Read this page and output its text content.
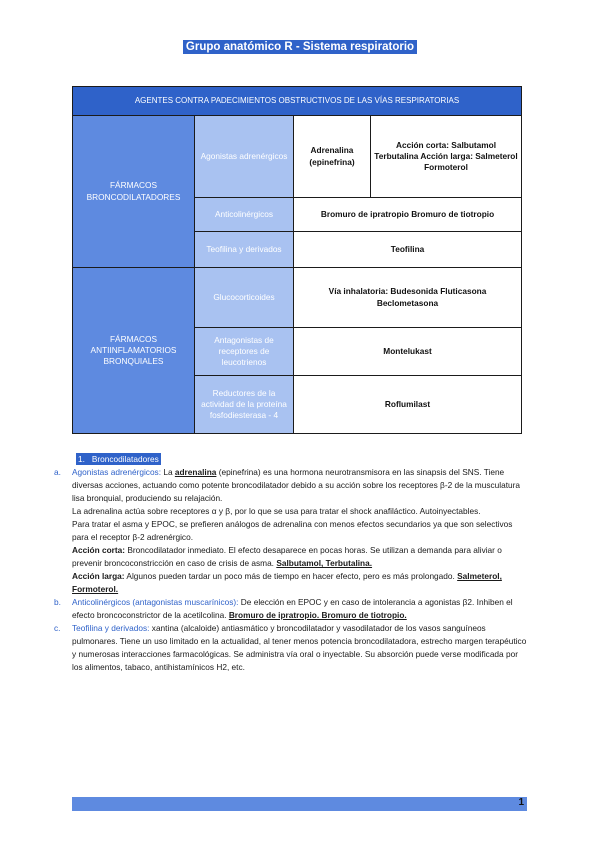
Grupo anatómico R - Sistema respiratorio
AGENTES CONTRA PADECIMIENTOS OBSTRUCTIVOS DE LAS VÍAS RESPIRATORIAS			
FÁRMACOS BRONCODILATADORES	Agonistas adrenérgicos	Adrenalina (epinefrina)	Acción corta: Salbutamol Terbutalina Acción larga: Salmeterol Formoterol
	Anticolinérgicos	Bromuro de ipratropio Bromuro de tiotropio	
	Teofilina y derivados	Teofilina	
FÁRMACOS ANTIINFLAMATORIOS BRONQUIALES	Glucocorticoides	Vía inhalatoria: Budesonida Fluticasona Beclometasona	
	Antagonistas de receptores de leucotrienos	Montelukast	
	Reductores de la actividad de la proteína fosfodiesterasa - 4	Roflumilast	

1. Broncodilatadores

a. Agonistas adrenérgicos: La adrenalina (epinefrina) es una hormona neurotransmisora en las sinapsis del SNS. Tiene diversas acciones, actuando como potente broncodilatador debido a su acción sobre los receptores β-2 de la musculatura lisa bronquial, produciendo su relajación.

La adrenalina actúa sobre receptores α y β, por lo que se usa para tratar el shock anafiláctico. Autoinyectables.

Para tratar el asma y EPOC, se prefieren análogos de adrenalina con menos efectos secundarios ya que son selectivos para el receptor β-2 adrenérgico.

Acción corta: Broncodilatador inmediato. El efecto desaparece en pocas horas. Se utilizan a demanda para aliviar o prevenir broncoconstricción en caso de crisis de asma. Salbutamol, Terbutalina.

Acción larga: Algunos pueden tardar un poco más de tiempo en hacer efecto, pero es más prolongado. Salmeterol, Formoterol.

b. Anticolinérgicos (antagonistas muscarínicos): De elección en EPOC y en caso de intolerancia a agonistas β2. Inhiben el efecto broncoconstrictor de la acetilcolina. Bromuro de ipratropio. Bromuro de tiotropio.

c. Teofilina y derivados: xantina (alcaloide) antiasmático y broncodilatador y vasodilatador de los vasos sanguíneos pulmonares. Tiene un uso limitado en la actualidad, al tener menos potencia broncodilatadora, estrecho margen terapéutico y numerosas interacciones farmacológicas. Se administra vía oral o inyectable. Su absorción puede verse modificada por los alimentos, tabaco, antihistamínicos H2, etc.

1
